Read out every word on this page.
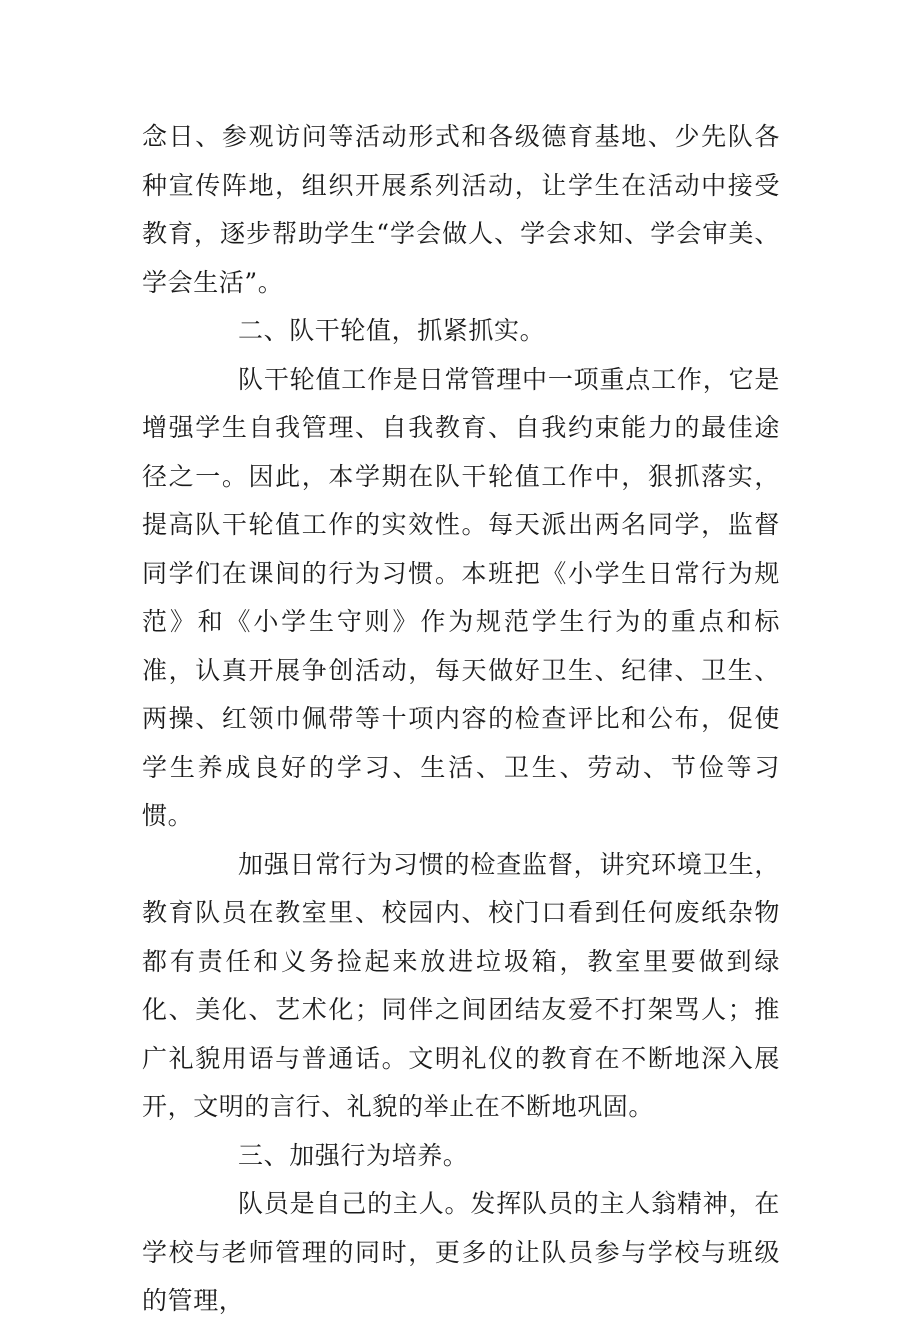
念日、参观访问等活动形式和各级德育基地、少先队各种宣传阵地，组织开展系列活动，让学生在活动中接受教育，逐步帮助学生“学会做人、学会求知、学会审美、学会生活”。

二、队干轮值，抓紧抓实。

队干轮值工作是日常管理中一项重点工作，它是增强学生自我管理、自我教育、自我约束能力的最佳途径之一。因此，本学期在队干轮值工作中，狠抓落实，提高队干轮值工作的实效性。每天派出两名同学，监督同学们在课间的行为习惯。本班把《小学生日常行为规范》和《小学生守则》作为规范学生行为的重点和标准，认真开展争创活动，每天做好卫生、纪律、卫生、两操、红领巾佩带等十项内容的检查评比和公布，促使学生养成良好的学习、生活、卫生、劳动、节俭等习惯。

加强日常行为习惯的检查监督，讲究环境卫生，教育队员在教室里、校园内、校门口看到任何废纸杂物都有责任和义务捡起来放进垃圾箱，教室里要做到绿化、美化、艺术化；同伴之间团结友爱不打架骂人；推广礼貌用语与普通话。文明礼仪的教育在不断地深入展开，文明的言行、礼貌的举止在不断地巩固。

三、加强行为培养。

队员是自己的主人。发挥队员的主人翁精神，在学校与老师管理的同时，更多的让队员参与学校与班级的管理，
